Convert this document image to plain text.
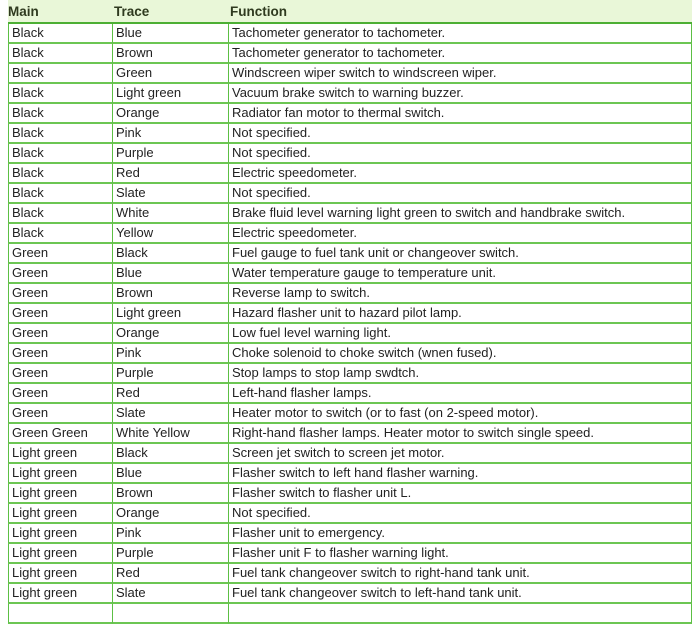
Main	Trace	Function
Black	Blue	Tachometer generator to tachometer.
Black	Brown	Tachometer generator to tachometer.
Black	Green	Windscreen wiper switch to windscreen wiper.
Black	Light green	Vacuum brake switch to warning buzzer.
Black	Orange	Radiator fan motor to thermal switch.
Black	Pink	Not specified.
Black	Purple	Not specified.
Black	Red	Electric speedometer.
Black	Slate	Not specified.
Black	White	Brake fluid level warning light green to switch and handbrake switch.
Black	Yellow	Electric speedometer.
Green	Black	Fuel gauge to fuel tank unit or changeover switch.
Green	Blue	Water temperature gauge to temperature unit.
Green	Brown	Reverse lamp to switch.
Green	Light green	Hazard flasher unit to hazard pilot lamp.
Green	Orange	Low fuel level warning light.
Green	Pink	Choke solenoid to choke switch (wnen fused).
Green	Purple	Stop lamps to stop lamp swdtch.
Green	Red	Left-hand flasher lamps.
Green	Slate	Heater motor to switch (or to fast (on 2-speed motor).
Green Green	White Yellow	Right-hand flasher lamps. Heater motor to switch single speed.
Light green	Black	Screen jet switch to screen jet motor.
Light green	Blue	Flasher switch to left hand flasher warning.
Light green	Brown	Flasher switch to flasher unit L.
Light green	Orange	Not specified.
Light green	Pink	Flasher unit to emergency.
Light green	Purple	Flasher unit F to flasher warning light.
Light green	Red	Fuel tank changeover switch to right-hand tank unit.
Light green	Slate	Fuel tank changeover switch to left-hand tank unit.
